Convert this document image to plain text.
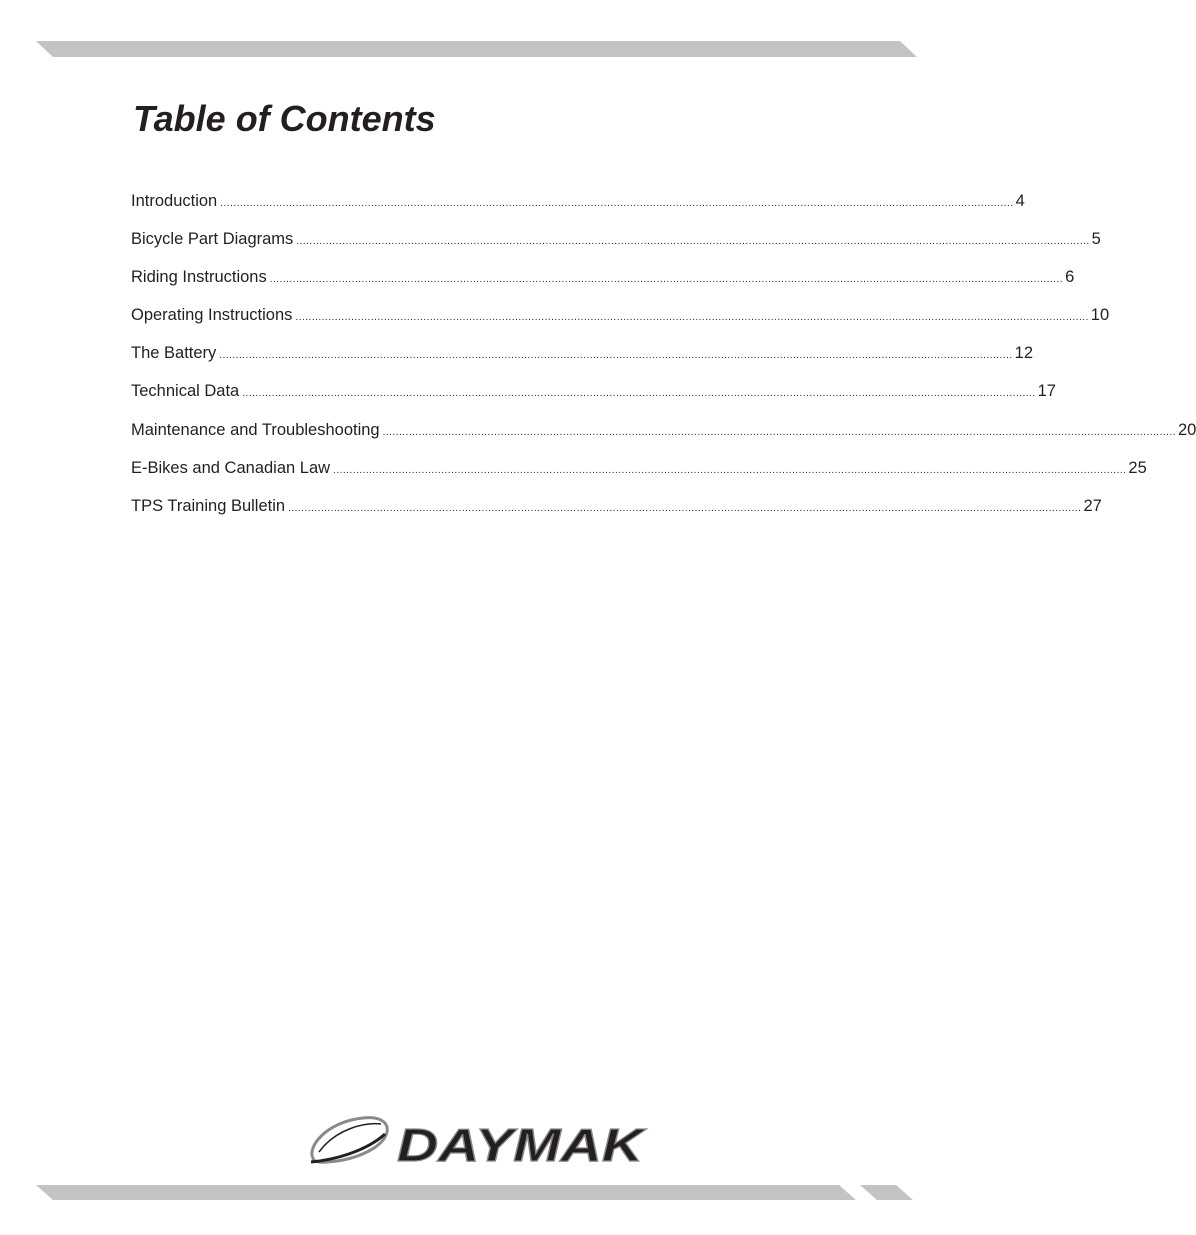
Table of Contents
Introduction .................................................................................................................................................................................................................................................. 4
Bicycle Part Diagrams .................................................................................................................................................................................................................................................. 5
Riding Instructions .................................................................................................................................................................................................................................................. 6
Operating Instructions .................................................................................................................................................................................................................................................. 10
The Battery .................................................................................................................................................................................................................................................. 12
Technical Data .................................................................................................................................................................................................................................................. 17
Maintenance and Troubleshooting .................................................................................................................................................................................................................................................. 20
E-Bikes and Canadian Law .................................................................................................................................................................................................................................................. 25
TPS Training Bulletin .................................................................................................................................................................................................................................................. 27
DAYMAK
